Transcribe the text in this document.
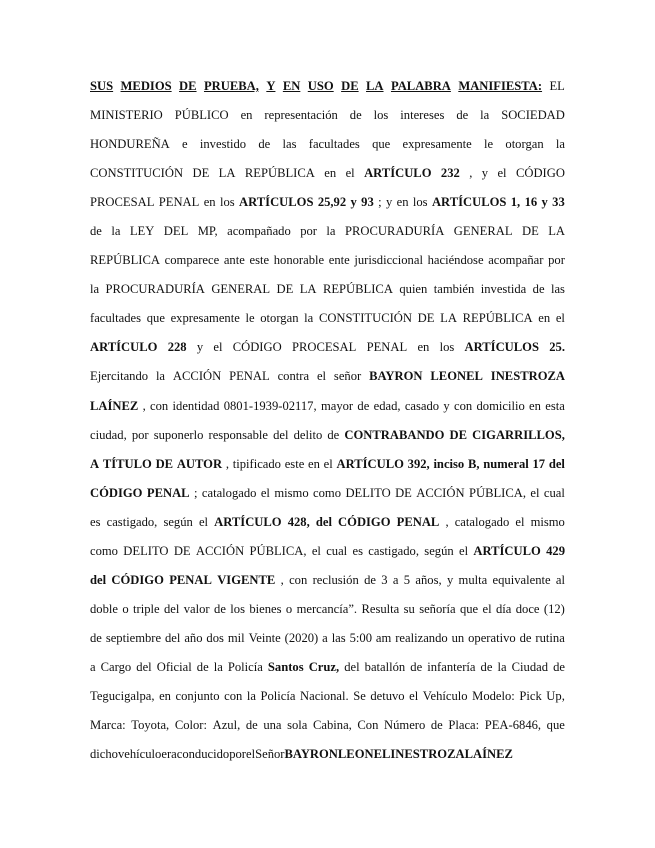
SUS MEDIOS DE PRUEBA, Y EN USO DE LA PALABRA MANIFIESTA: EL
MINISTERIO PÚBLICO en representación de los intereses de la SOCIEDAD
HONDUREÑA e investido de las facultades que expresamente le otorgan la
CONSTITUCIÓN DE LA REPÚBLICA en el ARTÍCULO 232 , y el CÓDIGO
PROCESAL PENAL en los ARTÍCULOS 25,92 y 93 ; y en los ARTÍCULOS 1, 16 y 33
de la LEY DEL MP, acompañado por la PROCURADURÍA GENERAL DE LA
REPÚBLICA comparece ante este honorable ente jurisdiccional haciéndose acompañar por
la PROCURADURÍA GENERAL DE LA REPÚBLICA quien también investida de las
facultades que expresamente le otorgan la CONSTITUCIÓN DE LA REPÚBLICA en el
ARTÍCULO 228 y el CÓDIGO PROCESAL PENAL en los ARTÍCULOS 25.
Ejercitando la ACCIÓN PENAL contra el señor BAYRON LEONEL INESTROZA
LAÍNEZ , con identidad 0801-1939-02117, mayor de edad, casado y con domicilio en esta
ciudad, por suponerlo responsable del delito de CONTRABANDO DE CIGARRILLOS,
A TÍTULO DE AUTOR , tipificado este en el ARTÍCULO 392, inciso B, numeral 17 del
CÓDIGO PENAL ; catalogado el mismo como DELITO DE ACCIÓN PÚBLICA, el cual
es castigado, según el ARTÍCULO 428, del CÓDIGO PENAL , catalogado el mismo
como DELITO DE ACCIÓN PÚBLICA, el cual es castigado, según el ARTÍCULO 429
del CÓDIGO PENAL VIGENTE , con reclusión de 3 a 5 años, y multa equivalente al
doble o triple del valor de los bienes o mercancía”. Resulta su señoría que el día doce (12)
de septiembre del año dos mil Veinte (2020) a las 5:00 am realizando un operativo de rutina
a Cargo del Oficial de la Policía Santos Cruz, del batallón de infantería de la Ciudad de
Tegucigalpa, en conjunto con la Policía Nacional. Se detuvo el Vehículo Modelo: Pick Up,
Marca: Toyota, Color: Azul, de una sola Cabina, Con Número de Placa: PEA-6846, que
dicho vehículo era conducido por el Señor BAYRON LEONEL INESTROZA LAÍNEZ
